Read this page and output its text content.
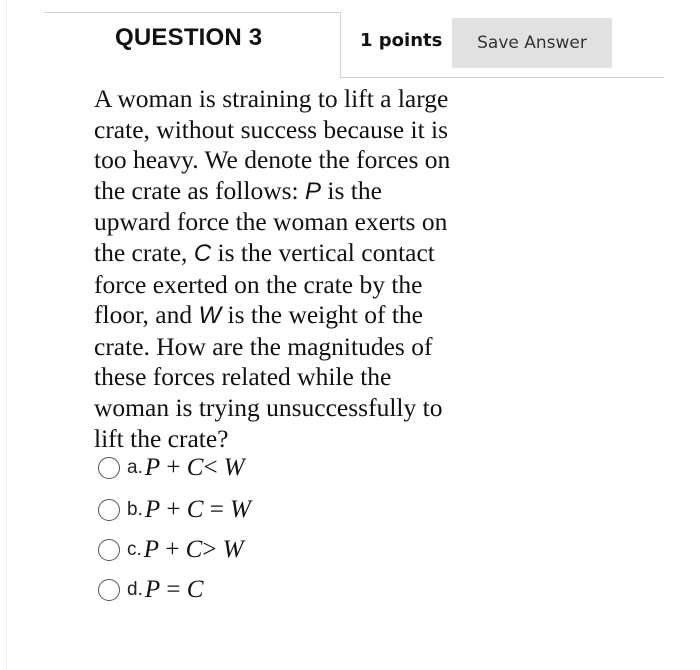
QUESTION 3	1 points	Save Answer
A woman is straining to lift a large
crate, without success because it is
too heavy. We denote the forces on
the crate as follows: P is the
upward force the woman exerts on
the crate, C is the vertical contact
force exerted on the crate by the
floor, and W is the weight of the
crate. How are the magnitudes of
these forces related while the
woman is trying unsuccessfully to
lift the crate?
a. P + C< W
b. P + C = W
c. P + C> W
d. P = C
